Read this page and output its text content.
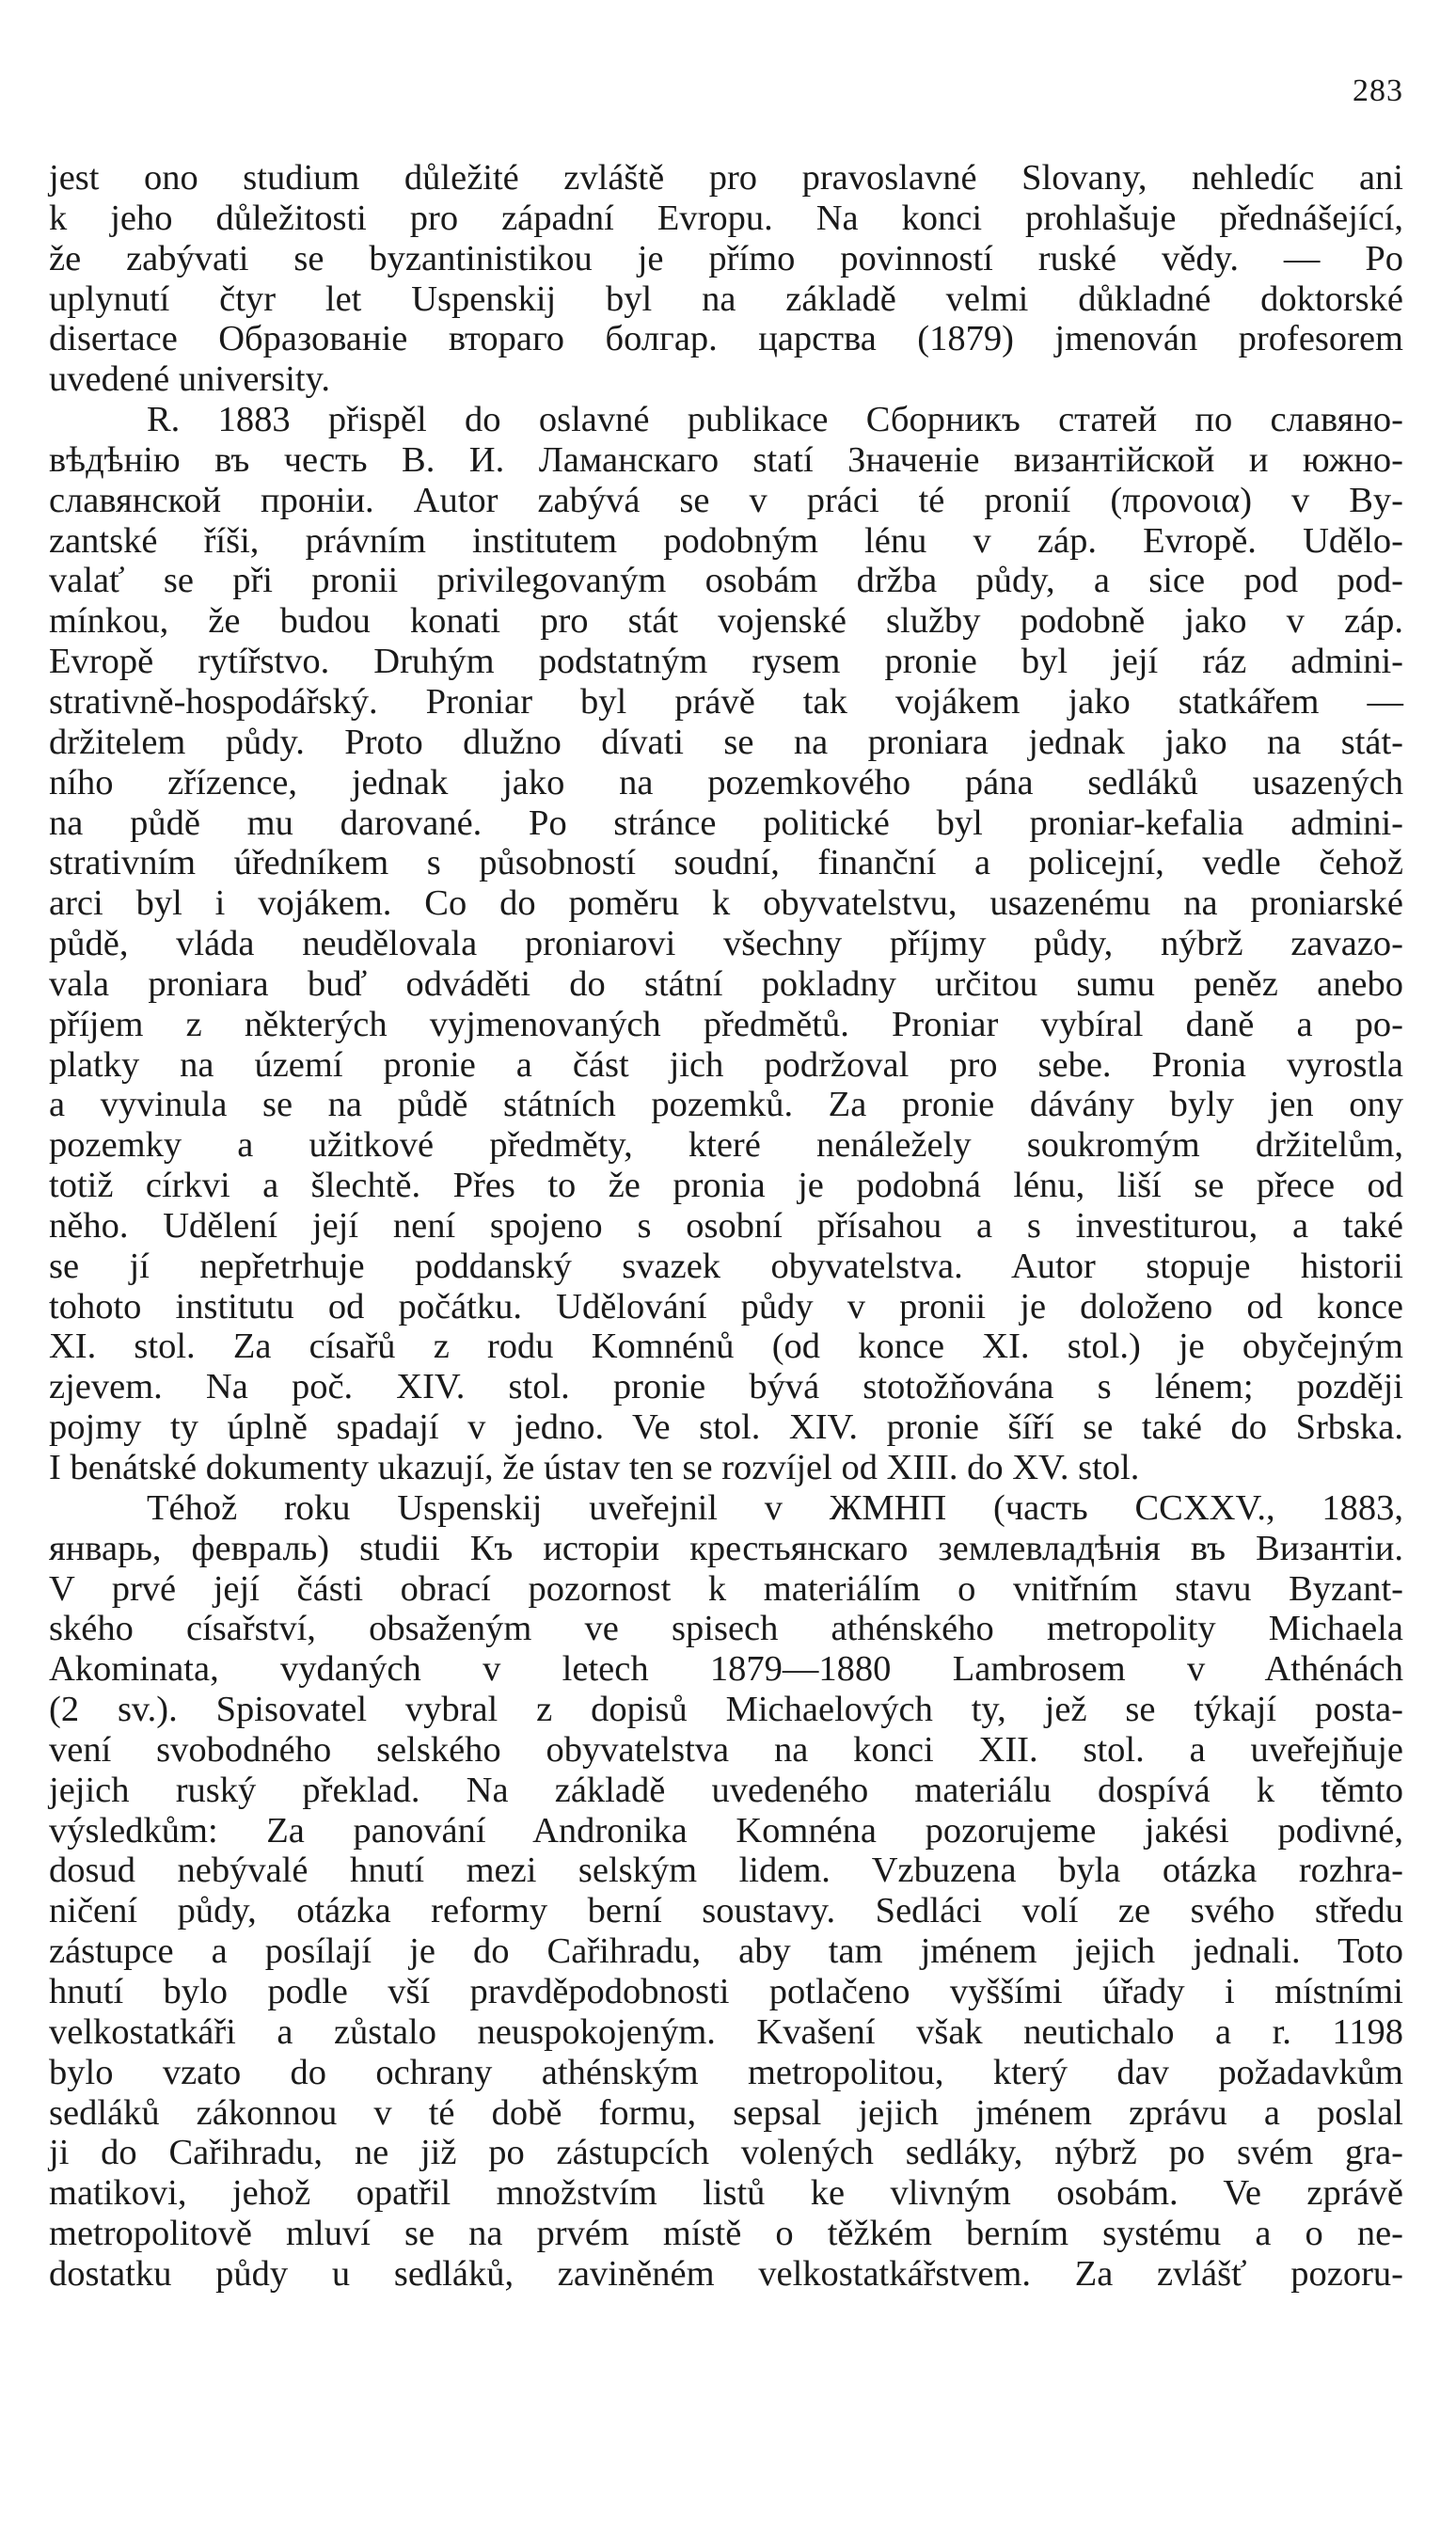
283
jest ono studium důležité zvláště pro pravoslavné Slovany, nehledíc ani
k jeho důležitosti pro západní Evropu. Na konci prohlašuje přednášející,
že zabývati se byzantinistikou je přímo povinností ruské vědy. — Po
uplynutí čtyr let Uspenskij byl na základě velmi důkladné doktorské
disertace Образованіе втораго болгар. царства (1879) jmenován profesorem
uvedené university.
R. 1883 přispěl do oslavné publikace Сборникъ статей по славяно-
вѣдѣнію въ честь В. И. Ламанскаго statí Значеніе византійской и южно-
славянской проніи. Autor zabývá se v práci té pronií (προνοια) v By-
zantské říši, právním institutem podobným lénu v záp. Evropě. Udělo-
valať se při pronii privilegovaným osobám držba půdy, a sice pod pod-
mínkou, že budou konati pro stát vojenské služby podobně jako v záp.
Evropě rytířstvo. Druhým podstatným rysem pronie byl její ráz admini-
strativně-hospodářský. Proniar byl právě tak vojákem jako statkářem —
držitelem půdy. Proto dlužno dívati se na proniara jednak jako na stát-
ního zřízence, jednak jako na pozemkového pána sedláků usazených
na půdě mu darované. Po stránce politické byl proniar-kefalia admini-
strativním úředníkem s působností soudní, finanční a policejní, vedle čehož
arci byl i vojákem. Co do poměru k obyvatelstvu, usazenému na proniarské
půdě, vláda neudělovala proniarovi všechny příjmy půdy, nýbrž zavazo-
vala proniara buď odváděti do státní pokladny určitou sumu peněz anebo
příjem z některých vyjmenovaných předmětů. Proniar vybíral daně a po-
platky na území pronie a část jich podržoval pro sebe. Pronia vyrostla
a vyvinula se na půdě státních pozemků. Za pronie dávány byly jen ony
pozemky a užitkové předměty, které nenáležely soukromým držitelům,
totiž církvi a šlechtě. Přes to že pronia je podobná lénu, liší se přece od
něho. Udělení její není spojeno s osobní přísahou a s investiturou, a také
se jí nepřetrhuje poddanský svazek obyvatelstva. Autor stopuje historii
tohoto institutu od počátku. Udělování půdy v pronii je doloženo od konce
XI. stol. Za císařů z rodu Komnénů (od konce XI. stol.) je obyčejným
zjevem. Na poč. XIV. stol. pronie bývá stotožňována s lénem; později
pojmy ty úplně spadají v jedno. Ve stol. XIV. pronie šíří se také do Srbska.
I benátské dokumenty ukazují, že ústav ten se rozvíjel od XIII. do XV. stol.
Téhož roku Uspenskij uveřejnil v ЖМНП (часть CCXXV., 1883,
январь, февраль) studii Къ исторіи крестьянскаго землевладѣнія въ Византіи.
V prvé její části obrací pozornost k materiálím o vnitřním stavu Byzant-
ského císařství, obsaženým ve spisech athénského metropolity Michaela
Akominata, vydaných v letech 1879—1880 Lambrosem v Athénách
(2 sv.). Spisovatel vybral z dopisů Michaelových ty, jež se týkají posta-
vení svobodného selského obyvatelstva na konci XII. stol. a uveřejňuje
jejich ruský překlad. Na základě uvedeného materiálu dospívá k těmto
výsledkům: Za panování Andronika Komnéna pozorujeme jakési podivné,
dosud nebývalé hnutí mezi selským lidem. Vzbuzena byla otázka rozhra-
ničení půdy, otázka reformy berní soustavy. Sedláci volí ze svého středu
zástupce a posílají je do Cařihradu, aby tam jménem jejich jednali. Toto
hnutí bylo podle vší pravděpodobnosti potlačeno vyššími úřady i místními
velkostatkáři a zůstalo neuspokojeným. Kvašení však neutichalo a r. 1198
bylo vzato do ochrany athénským metropolitou, který dav požadavkům
sedláků zákonnou v té době formu, sepsal jejich jménem zprávu a poslal
ji do Cařihradu, ne již po zástupcích volených sedláky, nýbrž po svém gra-
matikovi, jehož opatřil množstvím listů ke vlivným osobám. Ve zprávě
metropolitově mluví se na prvém místě o těžkém berním systému a o ne-
dostatku půdy u sedláků, zaviněném velkostatkářstvem. Za zvlášť pozoru-
